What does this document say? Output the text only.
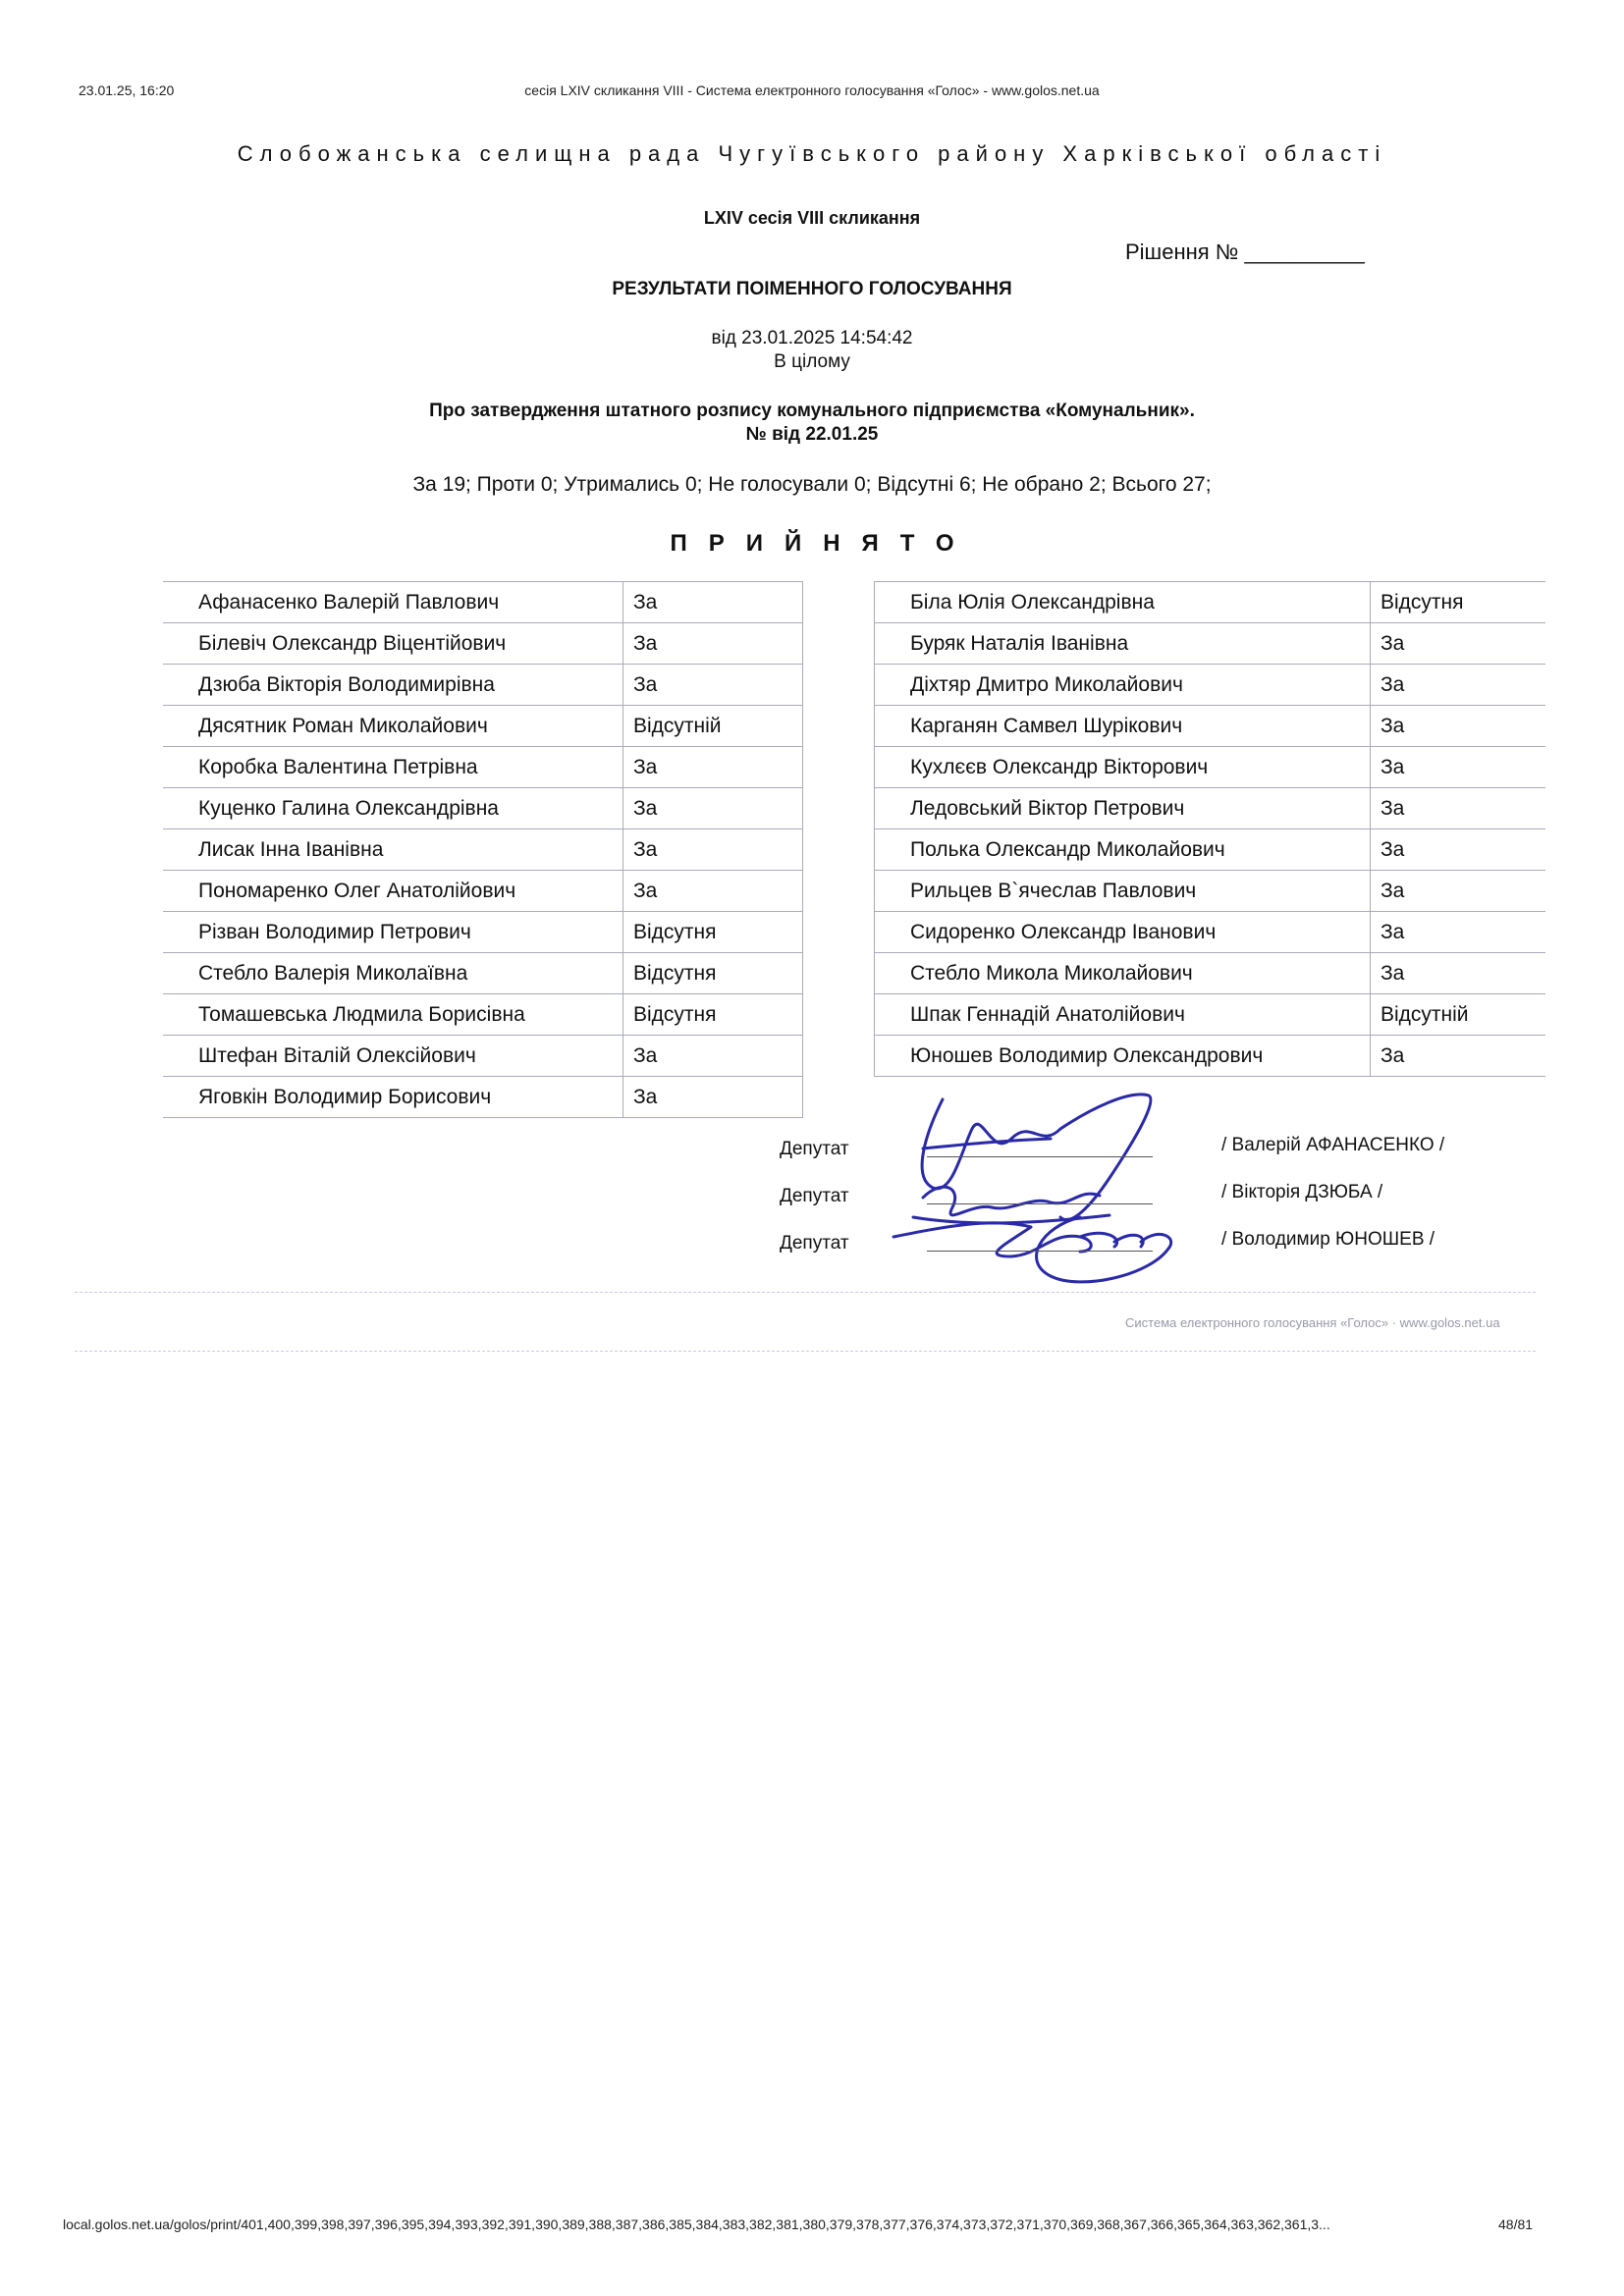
23.01.25, 16:20	сесія LXIV скликання VIII - Система електронного голосування «Голос» - www.golos.net.ua
Слобожанська селищна рада Чугуївського району Харківської області
LXIV сесія VIII скликання
Рішення № __________
РЕЗУЛЬТАТИ ПОІМЕННОГО ГОЛОСУВАННЯ
від 23.01.2025 14:54:42
В цілому
Про затвердження штатного розпису комунального підприємства «Комунальник».
№ від 22.01.25
За 19; Проти 0; Утримались 0; Не голосували 0; Відсутні 6; Не обрано 2; Всього 27;
ПРИЙНЯТО
Афанасенко Валерій Павлович	За
Білевіч Олександр Віцентійович	За
Дзюба Вікторія Володимирівна	За
Дясятник Роман Миколайович	Відсутній
Коробка Валентина Петрівна	За
Куценко Галина Олександрівна	За
Лисак Інна Іванівна	За
Пономаренко Олег Анатолійович	За
Різван Володимир Петрович	Відсутня
Стебло Валерія Миколаївна	Відсутня
Томашевська Людмила Борисівна	Відсутня
Штефан Віталій Олексійович	За
Яговкін Володимир Борисович	За
Біла Юлія Олександрівна	Відсутня
Буряк Наталія Іванівна	За
Діхтяр Дмитро Миколайович	За
Карганян Самвел Шурікович	За
Кухлєєв Олександр Вікторович	За
Ледовський Віктор Петрович	За
Полька Олександр Миколайович	За
Рильцев В`ячеслав Павлович	За
Сидоренко Олександр Іванович	За
Стебло Микола Миколайович	За
Шпак Геннадій Анатолійович	Відсутній
Юношев Володимир Олександрович	За
Депутат	/ Валерій АФАНАСЕНКО /
Депутат	/ Вікторія ДЗЮБА /
Депутат	/ Володимир ЮНОШЕВ /
Система електронного голосування «Голос» · www.golos.net.ua
local.golos.net.ua/golos/print/401,400,399,398,397,396,395,394,393,392,391,390,389,388,387,386,385,384,383,382,381,380,379,378,377,376,374,373,372,371,370,369,368,367,366,365,364,363,362,361,3...	48/81
